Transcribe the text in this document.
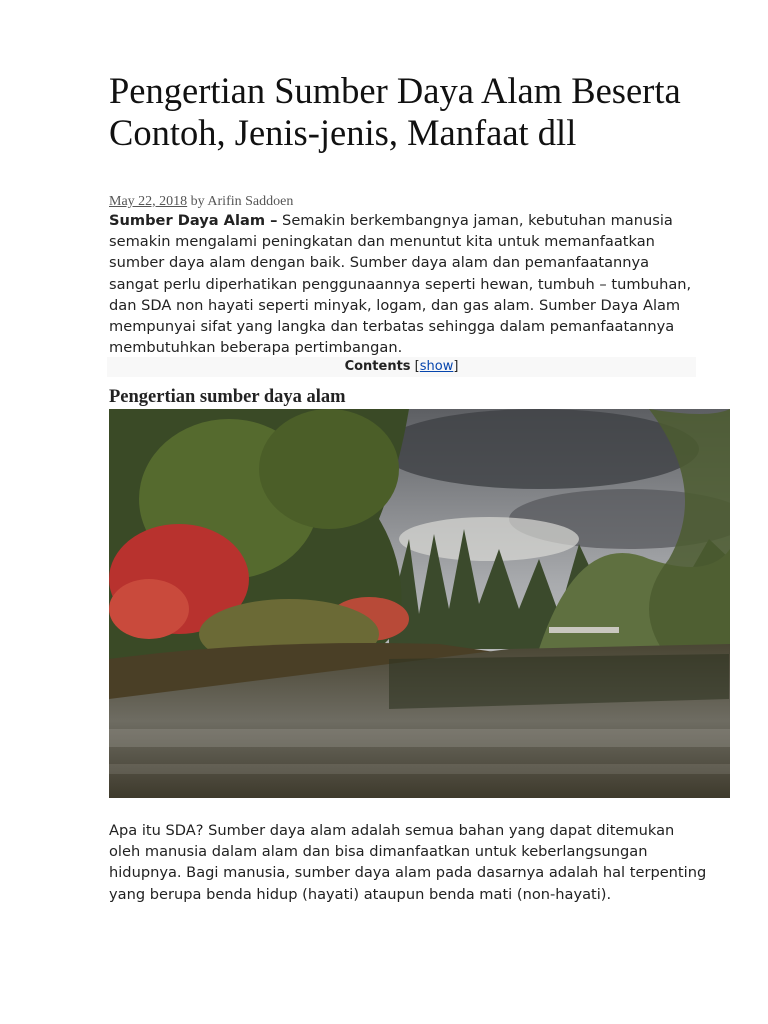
Pengertian Sumber Daya Alam Beserta Contoh, Jenis-jenis, Manfaat dll
May 22, 2018 by Arifin Saddoen

Sumber Daya Alam – Semakin berkembangnya jaman, kebutuhan manusia semakin mengalami peningkatan dan menuntut kita untuk memanfaatkan sumber daya alam dengan baik. Sumber daya alam dan pemanfaatannya sangat perlu diperhatikan penggunaannya seperti hewan, tumbuh – tumbuhan, dan SDA non hayati seperti minyak, logam, dan gas alam. Sumber Daya Alam mempunyai sifat yang langka dan terbatas sehingga dalam pemanfaatannya membutuhkan beberapa pertimbangan.

Contents [show]
Pengertian sumber daya alam

Apa itu SDA? Sumber daya alam adalah semua bahan yang dapat ditemukan oleh manusia dalam alam dan bisa dimanfaatkan untuk keberlangsungan hidupnya. Bagi manusia, sumber daya alam pada dasarnya adalah hal terpenting yang berupa benda hidup (hayati) ataupun benda mati (non-hayati).
